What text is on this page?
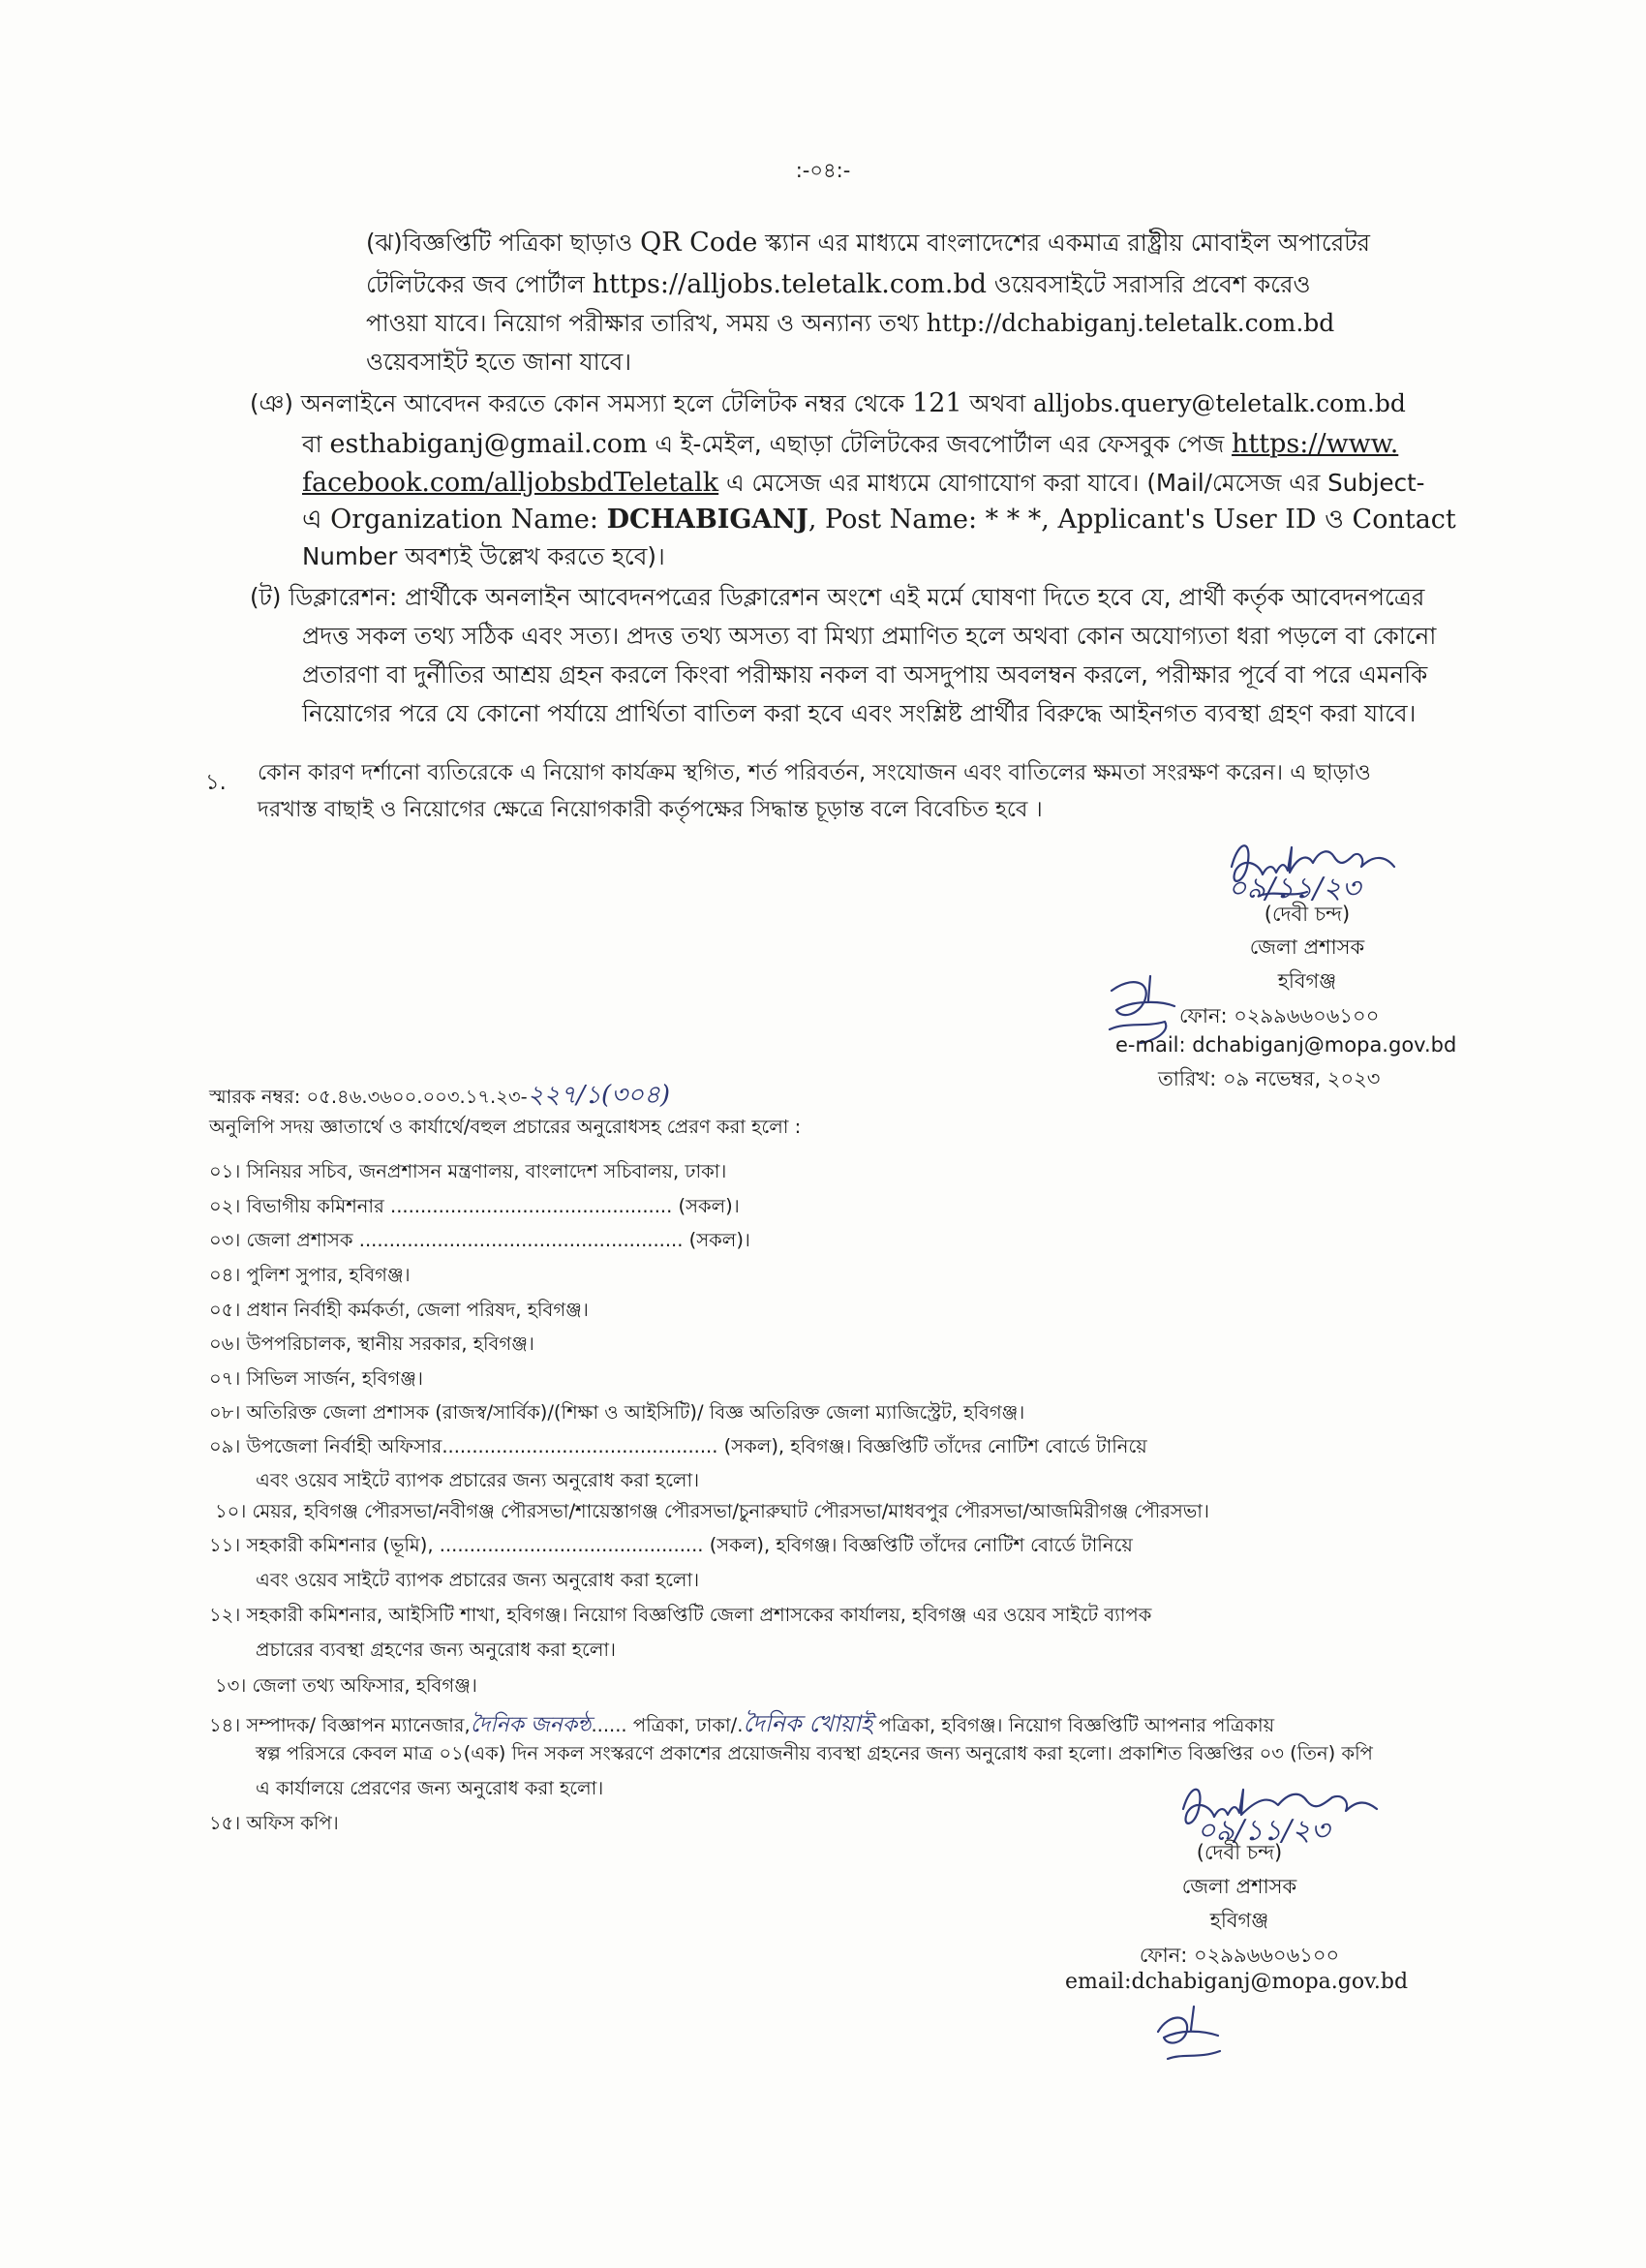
:-০৪:-
(ঝ)বিজ্ঞপ্তিটি পত্রিকা ছাড়াও QR Code স্ক্যান এর মাধ্যমে বাংলাদেশের একমাত্র রাষ্ট্রীয় মোবাইল অপারেটর
টেলিটকের জব পোর্টাল https://alljobs.teletalk.com.bd ওয়েবসাইটে সরাসরি প্রবেশ করেও
পাওয়া যাবে। নিয়োগ পরীক্ষার তারিখ, সময় ও অন্যান্য তথ্য http://dchabiganj.teletalk.com.bd
ওয়েবসাইট হতে জানা যাবে।
(ঞ) অনলাইনে আবেদন করতে কোন সমস্যা হলে টেলিটক নম্বর থেকে 121 অথবা alljobs.query@teletalk.com.bd
বা esthabiganj@gmail.com এ ই-মেইল, এছাড়া টেলিটকের জবপোর্টাল এর ফেসবুক পেজ https://www.
facebook.com/alljobsbdTeletalk এ মেসেজ এর মাধ্যমে যোগাযোগ করা যাবে। (Mail/মেসেজ এর Subject-
এ Organization Name: DCHABIGANJ, Post Name: * * *, Applicant's User ID ও Contact
Number অবশ্যই উল্লেখ করতে হবে)।
(ট) ডিক্লারেশন: প্রার্থীকে অনলাইন আবেদনপত্রের ডিক্লারেশন অংশে এই মর্মে ঘোষণা দিতে হবে যে, প্রার্থী কর্তৃক আবেদনপত্রের
প্রদত্ত সকল তথ্য সঠিক এবং সত্য। প্রদত্ত তথ্য অসত্য বা মিথ্যা প্রমাণিত হলে অথবা কোন অযোগ্যতা ধরা পড়লে বা কোনো
প্রতারণা বা দুর্নীতির আশ্রয় গ্রহন করলে কিংবা পরীক্ষায় নকল বা অসদুপায় অবলম্বন করলে, পরীক্ষার পূর্বে বা পরে এমনকি
নিয়োগের পরে যে কোনো পর্যায়ে প্রার্থিতা বাতিল করা হবে এবং সংশ্লিষ্ট প্রার্থীর বিরুদ্ধে আইনগত ব্যবস্থা গ্রহণ করা যাবে।
১. কোন কারণ দর্শানো ব্যতিরেকে এ নিয়োগ কার্যক্রম স্থগিত, শর্ত পরিবর্তন, সংযোজন এবং বাতিলের ক্ষমতা সংরক্ষণ করেন। এ ছাড়াও
দরখাস্ত বাছাই ও নিয়োগের ক্ষেত্রে নিয়োগকারী কর্তৃপক্ষের সিদ্ধান্ত চূড়ান্ত বলে বিবেচিত হবে ।
০৯/১১/২৩
(দেবী চন্দ)
জেলা প্রশাসক
হবিগঞ্জ
ফোন: ০২৯৯৬৬০৬১০০
e-mail: dchabiganj@mopa.gov.bd
তারিখ: ০৯ নভেম্বর, ২০২৩
স্মারক নম্বর: ০৫.৪৬.৩৬০০.০০৩.১৭.২৩-২২৭/১(৩০৪)
অনুলিপি সদয় জ্ঞাতার্থে ও কার্যার্থে/বহুল প্রচারের অনুরোধসহ প্রেরণ করা হলো :
০১। সিনিয়র সচিব, জনপ্রশাসন মন্ত্রণালয়, বাংলাদেশ সচিবালয়, ঢাকা।
০২। বিভাগীয় কমিশনার ............................................... (সকল)।
০৩। জেলা প্রশাসক ...................................................... (সকল)।
০৪। পুলিশ সুপার, হবিগঞ্জ।
০৫। প্রধান নির্বাহী কর্মকর্তা, জেলা পরিষদ, হবিগঞ্জ।
০৬। উপপরিচালক, স্থানীয় সরকার, হবিগঞ্জ।
০৭। সিভিল সার্জন, হবিগঞ্জ।
০৮। অতিরিক্ত জেলা প্রশাসক (রাজস্ব/সার্বিক)/(শিক্ষা ও আইসিটি)/ বিজ্ঞ অতিরিক্ত জেলা ম্যাজিস্ট্রেট, হবিগঞ্জ।
০৯। উপজেলা নির্বাহী অফিসার.............................................. (সকল), হবিগঞ্জ। বিজ্ঞপ্তিটি তাঁদের নোটিশ বোর্ডে টানিয়ে
এবং ওয়েব সাইটে ব্যাপক প্রচারের জন্য অনুরোধ করা হলো।
১০। মেয়র, হবিগঞ্জ পৌরসভা/নবীগঞ্জ পৌরসভা/শায়েস্তাগঞ্জ পৌরসভা/চুনারুঘাট পৌরসভা/মাধবপুর পৌরসভা/আজমিরীগঞ্জ পৌরসভা।
১১। সহকারী কমিশনার (ভূমি), ............................................ (সকল), হবিগঞ্জ। বিজ্ঞপ্তিটি তাঁদের নোটিশ বোর্ডে টানিয়ে
এবং ওয়েব সাইটে ব্যাপক প্রচারের জন্য অনুরোধ করা হলো।
১২। সহকারী কমিশনার, আইসিটি শাখা, হবিগঞ্জ। নিয়োগ বিজ্ঞপ্তিটি জেলা প্রশাসকের কার্যালয়, হবিগঞ্জ এর ওয়েব সাইটে ব্যাপক
প্রচারের ব্যবস্থা গ্রহণের জন্য অনুরোধ করা হলো।
১৩। জেলা তথ্য অফিসার, হবিগঞ্জ।
১৪। সম্পাদক/ বিজ্ঞাপন ম্যানেজার,দৈনিক জনকন্ঠ...... পত্রিকা, ঢাকা/.দৈনিক খোয়াই পত্রিকা, হবিগঞ্জ। নিয়োগ বিজ্ঞপ্তিটি আপনার পত্রিকায়
স্বল্প পরিসরে কেবল মাত্র ০১(এক) দিন সকল সংস্করণে প্রকাশের প্রয়োজনীয় ব্যবস্থা গ্রহনের জন্য অনুরোধ করা হলো। প্রকাশিত বিজ্ঞপ্তির ০৩ (তিন) কপি
এ কার্যালয়ে প্রেরণের জন্য অনুরোধ করা হলো।
১৫। অফিস কপি।	০৯/১১/২৩
(দেবী চন্দ)
জেলা প্রশাসক
হবিগঞ্জ
ফোন: ০২৯৯৬৬০৬১০০
email:dchabiganj@mopa.gov.bd
